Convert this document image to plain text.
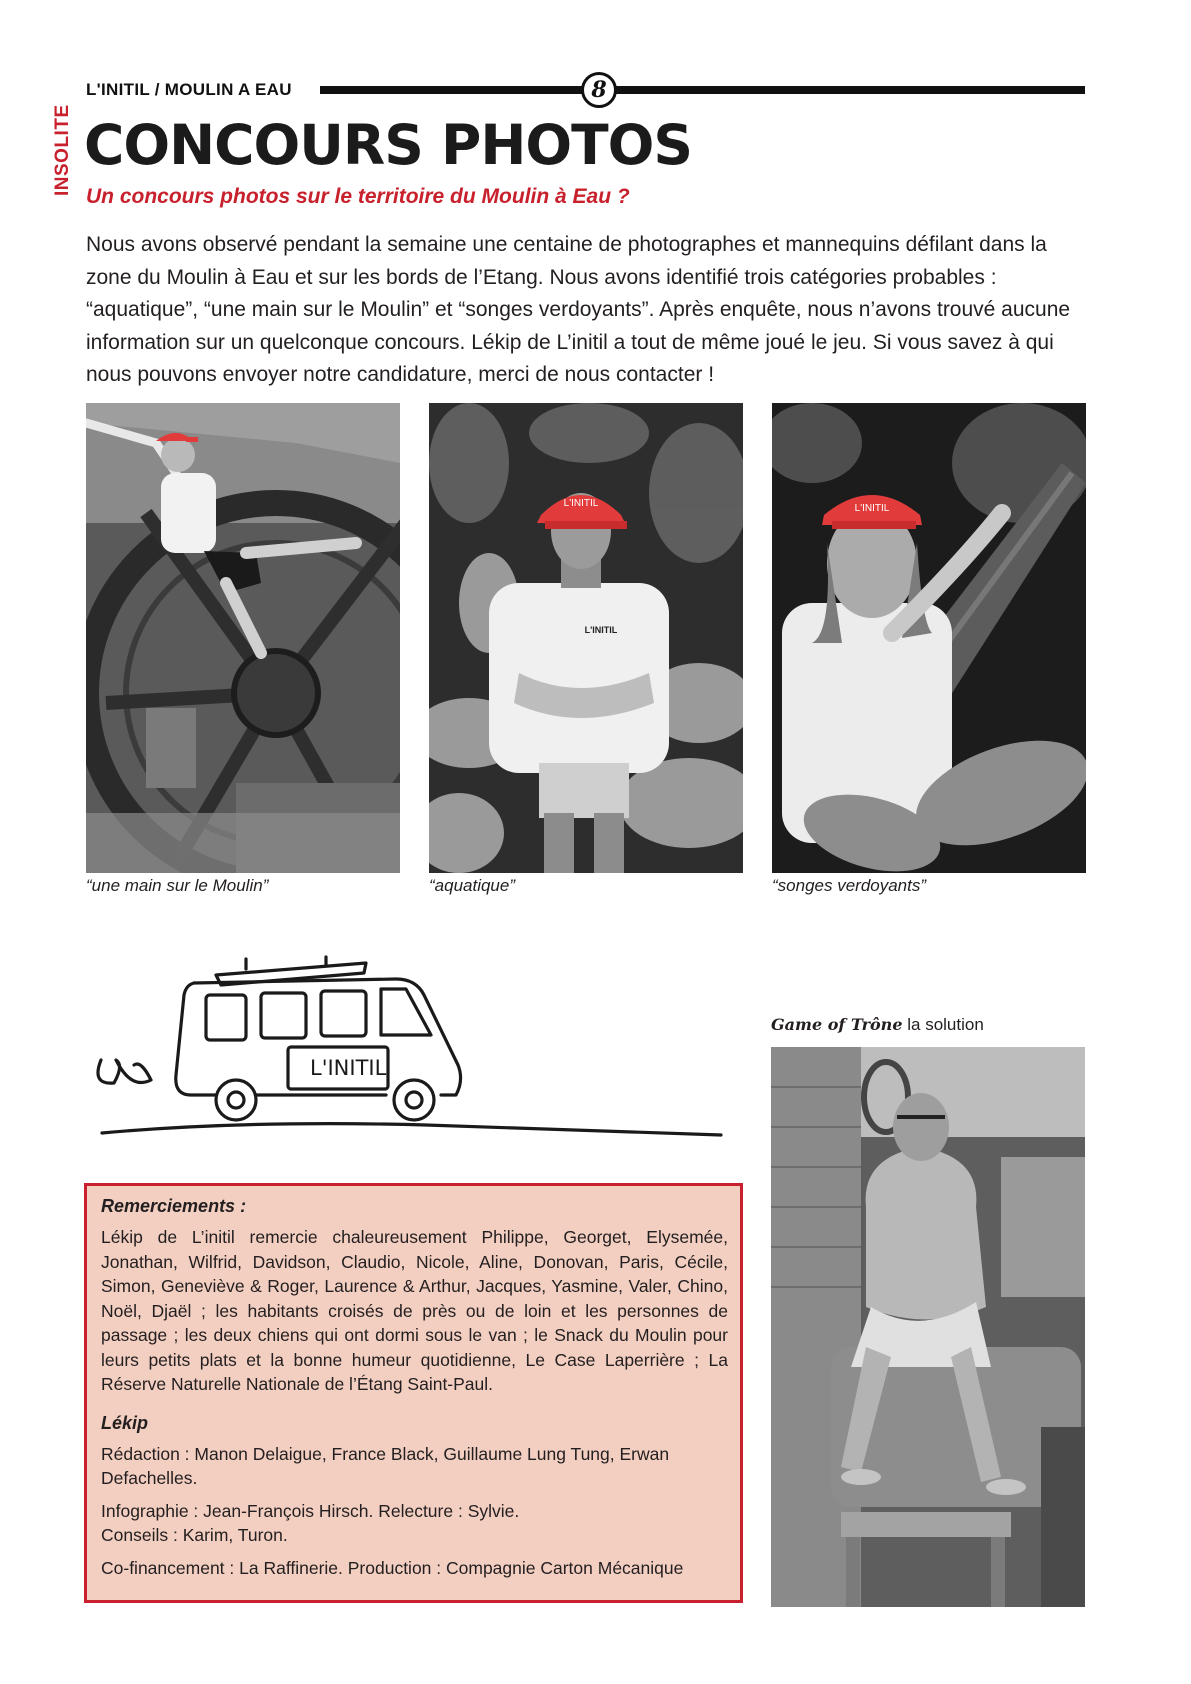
L'INITIL / MOULIN A EAU	8
INSOLITE CONCOURS PHOTOS
Un concours photos sur le territoire du Moulin à Eau ?

Nous avons observé pendant la semaine une centaine de photographes et mannequins défilant dans la zone du Moulin à Eau et sur les bords de l’Etang. Nous avons identifié trois catégories probables : “aquatique”, “une main sur le Moulin” et “songes verdoyants”. Après enquête, nous n’avons trouvé aucune information sur un quelconque concours. Lékip de L’initil a tout de même joué le jeu. Si vous savez à qui nous pouvons envoyer notre candidature, merci de nous contacter !

“une main sur le Moulin”
L'INITIL
L'INITIL
“aquatique”
L'INITIL
“songes verdoyants”
L'INITIL
Game of Trône la solution
Remerciements :

Lékip de L’initil remercie chaleureusement Philippe, Georget, Elysemée, Jonathan, Wilfrid, Davidson, Claudio, Nicole, Aline, Donovan, Paris, Cécile, Simon, Geneviève & Roger, Laurence & Arthur, Jacques, Yasmine, Valer, Chino, Noël, Djaël ; les habitants croisés de près ou de loin et les personnes de passage ; les deux chiens qui ont dormi sous le van ; le Snack du Moulin pour leurs petits plats et la bonne humeur quotidienne, Le Case Laperrière ; La Réserve Naturelle Nationale de l’Étang Saint-Paul.

Lékip

Rédaction : Manon Delaigue, France Black, Guillaume Lung Tung, Erwan Defachelles.

Infographie : Jean-François Hirsch. Relecture : Sylvie.

Conseils : Karim, Turon.

Co-financement : La Raffinerie. Production : Compagnie Carton Mécanique
